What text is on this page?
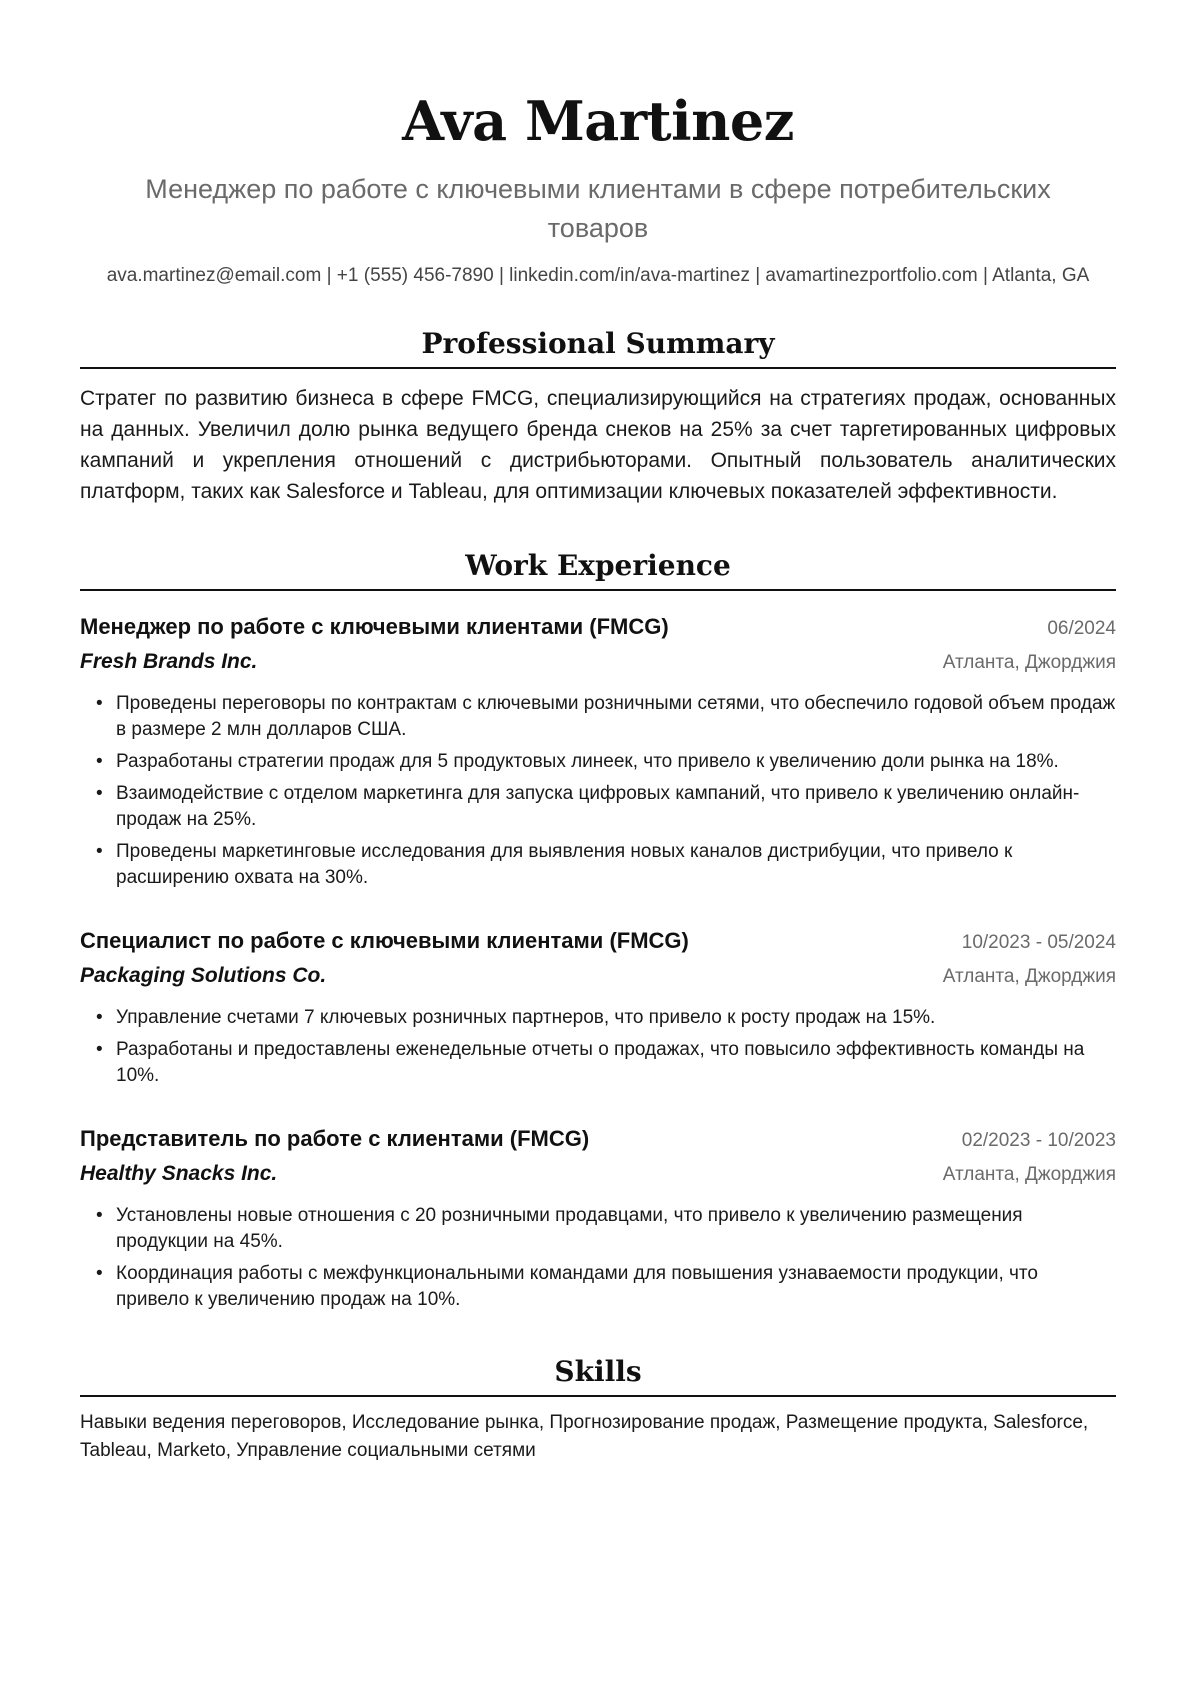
Ava Martinez
Менеджер по работе с ключевыми клиентами в сфере потребительских товаров
ava.martinez@email.com | +1 (555) 456-7890 | linkedin.com/in/ava-martinez | avamartinezportfolio.com | Atlanta, GA
Professional Summary
Стратег по развитию бизнеса в сфере FMCG, специализирующийся на стратегиях продаж, основанных на данных. Увеличил долю рынка ведущего бренда снеков на 25% за счет таргетированных цифровых кампаний и укрепления отношений с дистрибьюторами. Опытный пользователь аналитических платформ, таких как Salesforce и Tableau, для оптимизации ключевых показателей эффективности.
Work Experience
Менеджер по работе с ключевыми клиентами (FMCG)	06/2024
Fresh Brands Inc.	Атланта, Джорджия
• Проведены переговоры по контрактам с ключевыми розничными сетями, что обеспечило годовой объем продаж в размере 2 млн долларов США.
• Разработаны стратегии продаж для 5 продуктовых линеек, что привело к увеличению доли рынка на 18%.
• Взаимодействие с отделом маркетинга для запуска цифровых кампаний, что привело к увеличению онлайн-продаж на 25%.
• Проведены маркетинговые исследования для выявления новых каналов дистрибуции, что привело к расширению охвата на 30%.
Специалист по работе с ключевыми клиентами (FMCG)	10/2023 - 05/2024
Packaging Solutions Co.	Атланта, Джорджия
• Управление счетами 7 ключевых розничных партнеров, что привело к росту продаж на 15%.
• Разработаны и предоставлены еженедельные отчеты о продажах, что повысило эффективность команды на 10%.
Представитель по работе с клиентами (FMCG)	02/2023 - 10/2023
Healthy Snacks Inc.	Атланта, Джорджия
• Установлены новые отношения с 20 розничными продавцами, что привело к увеличению размещения продукции на 45%.
• Координация работы с межфункциональными командами для повышения узнаваемости продукции, что привело к увеличению продаж на 10%.
Skills
Навыки ведения переговоров, Исследование рынка, Прогнозирование продаж, Размещение продукта, Salesforce, Tableau, Marketo, Управление социальными сетями
